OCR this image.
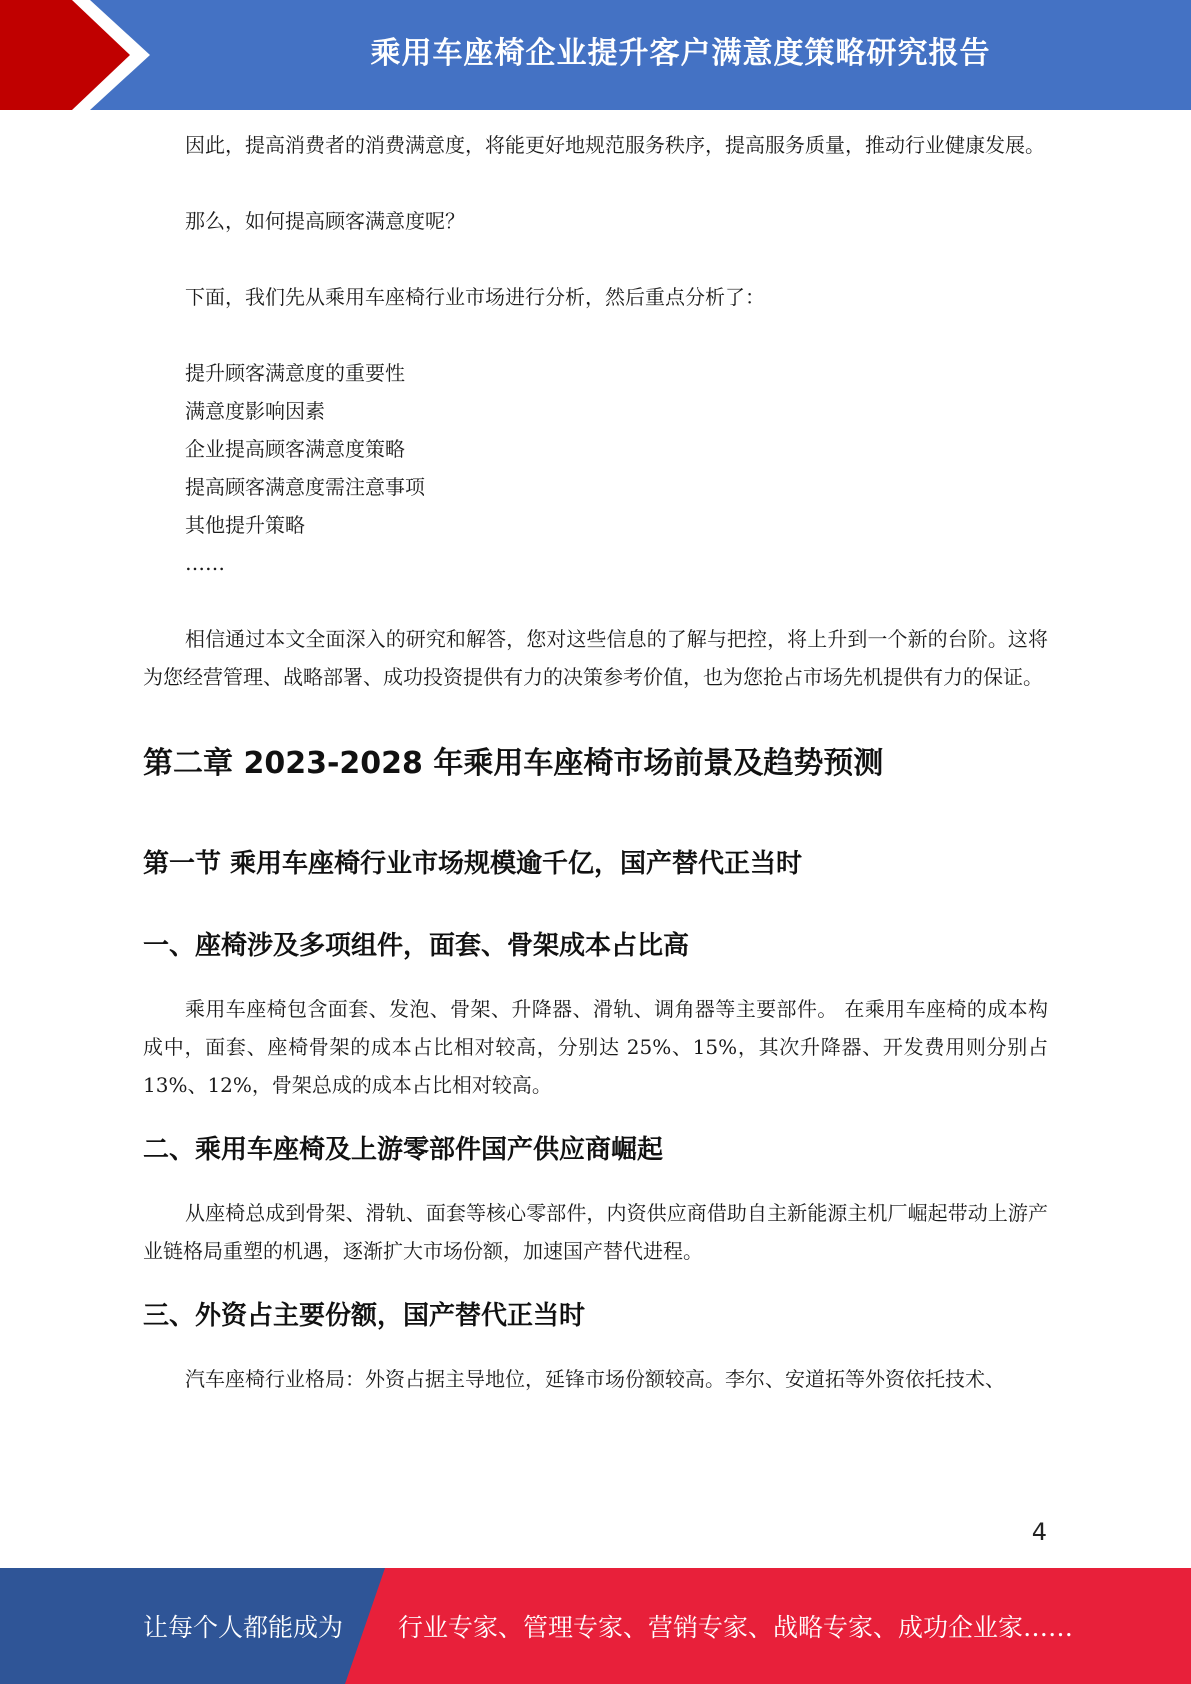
乘用车座椅企业提升客户满意度策略研究报告

因此，提高消费者的消费满意度，将能更好地规范服务秩序，提高服务质量，推动行业健康发展。

那么，如何提高顾客满意度呢？

下面，我们先从乘用车座椅行业市场进行分析，然后重点分析了：

提升顾客满意度的重要性

满意度影响因素

企业提高顾客满意度策略

提高顾客满意度需注意事项

其他提升策略

……

相信通过本文全面深入的研究和解答，您对这些信息的了解与把控，将上升到一个新的台阶。这将为您经营管理、战略部署、成功投资提供有力的决策参考价值，也为您抢占市场先机提供有力的保证。

第二章 2023-2028 年乘用车座椅市场前景及趋势预测
第一节 乘用车座椅行业市场规模逾千亿，国产替代正当时
一、座椅涉及多项组件，面套、骨架成本占比高

乘用车座椅包含面套、发泡、骨架、升降器、滑轨、调角器等主要部件。 在乘用车座椅的成本构成中，面套、座椅骨架的成本占比相对较高，分别达 25%、15%，其次升降器、开发费用则分别占 13%、12%，骨架总成的成本占比相对较高。

二、乘用车座椅及上游零部件国产供应商崛起

从座椅总成到骨架、滑轨、面套等核心零部件，内资供应商借助自主新能源主机厂崛起带动上游产业链格局重塑的机遇，逐渐扩大市场份额，加速国产替代进程。

三、外资占主要份额，国产替代正当时

汽车座椅行业格局：外资占据主导地位，延锋市场份额较高。李尔、安道拓等外资依托技术、

4
让每个人都能成为 行业专家、管理专家、营销专家、战略专家、成功企业家……
